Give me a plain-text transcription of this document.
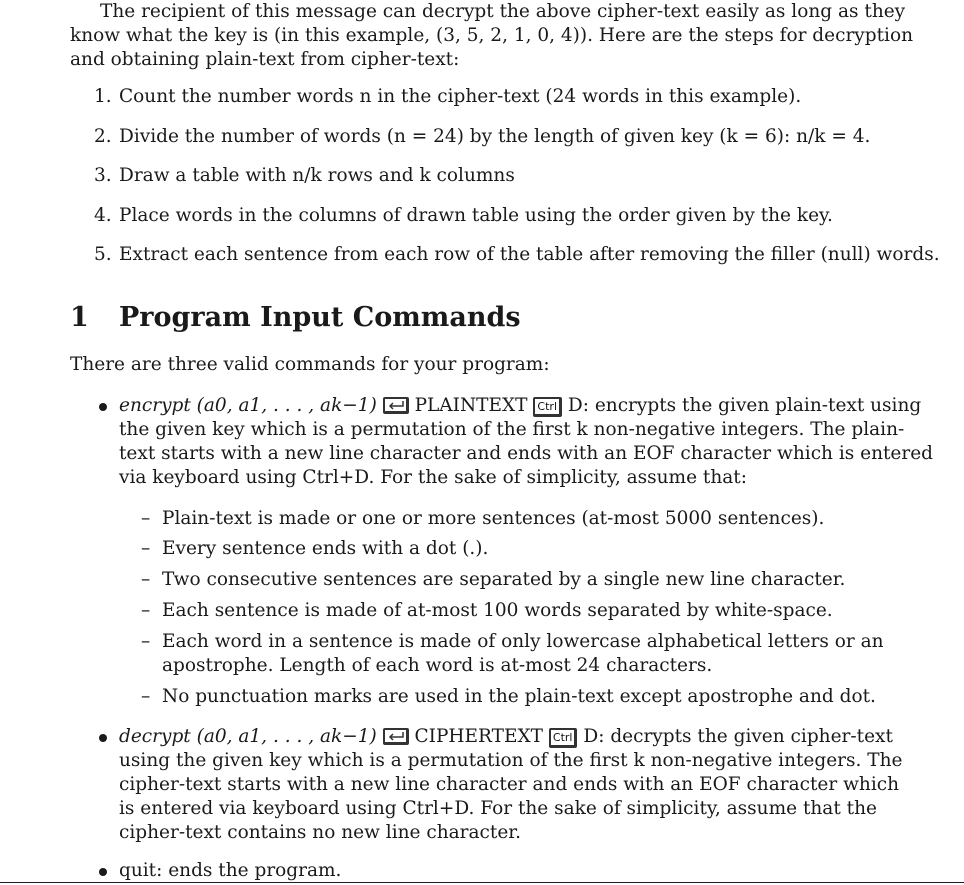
The recipient of this message can decrypt the above cipher-text easily as long as they
know what the key is (in this example, (3, 5, 2, 1, 0, 4)). Here are the steps for decryption
and obtaining plain-text from cipher-text:
1. Count the number words n in the cipher-text (24 words in this example).
2. Divide the number of words (n = 24) by the length of given key (k = 6): n/k = 4.
3. Draw a table with n/k rows and k columns
4. Place words in the columns of drawn table using the order given by the key.
5. Extract each sentence from each row of the table after removing the filler (null) words.
1 Program Input Commands
There are three valid commands for your program:
encrypt (a0, a1, . . . , ak−1) PLAINTEXT Ctrl D: encrypts the given plain-text using
the given key which is a permutation of the first k non-negative integers. The plain-
text starts with a new line character and ends with an EOF character which is entered
via keyboard using Ctrl+D. For the sake of simplicity, assume that:
– Plain-text is made or one or more sentences (at-most 5000 sentences).
– Every sentence ends with a dot (.).
– Two consecutive sentences are separated by a single new line character.
– Each sentence is made of at-most 100 words separated by white-space.
– Each word in a sentence is made of only lowercase alphabetical letters or an
apostrophe. Length of each word is at-most 24 characters.
– No punctuation marks are used in the plain-text except apostrophe and dot.
decrypt (a0, a1, . . . , ak−1) CIPHERTEXT Ctrl D: decrypts the given cipher-text
using the given key which is a permutation of the first k non-negative integers. The
cipher-text starts with a new line character and ends with an EOF character which
is entered via keyboard using Ctrl+D. For the sake of simplicity, assume that the
cipher-text contains no new line character.
quit: ends the program.
